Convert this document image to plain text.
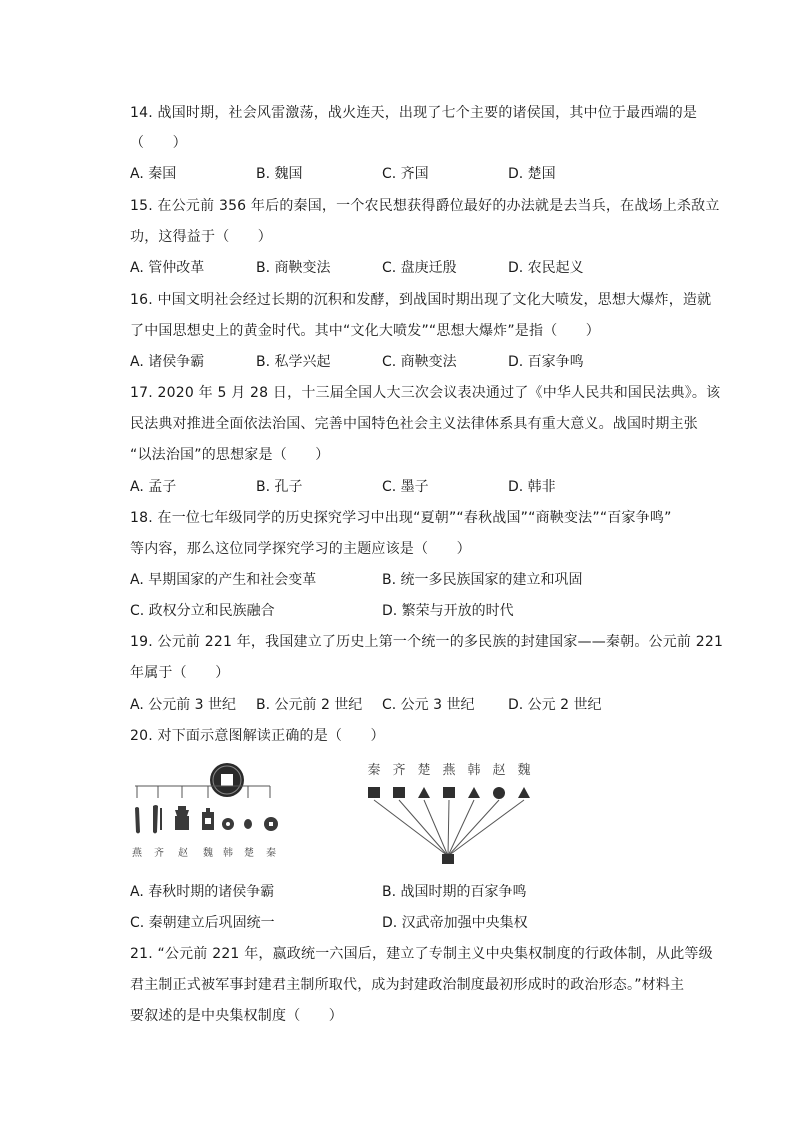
14. 战国时期，社会风雷激荡，战火连天，出现了七个主要的诸侯国，其中位于最西端的是
（　　）
A. 秦国	B. 魏国	C. 齐国	D. 楚国
15. 在公元前 356 年后的秦国，一个农民想获得爵位最好的办法就是去当兵，在战场上杀敌立
功，这得益于（　　）
A. 管仲改革	B. 商鞅变法	C. 盘庚迁殷	D. 农民起义
16. 中国文明社会经过长期的沉积和发酵，到战国时期出现了文化大喷发，思想大爆炸，造就
了中国思想史上的黄金时代。其中“文化大喷发”“思想大爆炸”是指（　　）
A. 诸侯争霸	B. 私学兴起	C. 商鞅变法	D. 百家争鸣
17. 2020 年 5 月 28 日，十三届全国人大三次会议表决通过了《中华人民共和国民法典》。该
民法典对推进全面依法治国、完善中国特色社会主义法律体系具有重大意义。战国时期主张
“以法治国”的思想家是（　　）
A. 孟子	B. 孔子	C. 墨子	D. 韩非
18. 在一位七年级同学的历史探究学习中出现“夏朝”“春秋战国”“商鞅变法”“百家争鸣”
等内容，那么这位同学探究学习的主题应该是（　　）
A. 早期国家的产生和社会变革	B. 统一多民族国家的建立和巩固
C. 政权分立和民族融合	D. 繁荣与开放的时代
19. 公元前 221 年，我国建立了历史上第一个统一的多民族的封建国家——秦朝。公元前 221
年属于（　　）
A. 公元前 3 世纪 B. 公元前 2 世纪 C. 公元 3 世纪 D. 公元 2 世纪
20. 对下面示意图解读正确的是（　　）
燕 齐 赵 魏 韩 楚 秦
秦 齐 楚 燕 韩 赵 魏
A. 春秋时期的诸侯争霸	B. 战国时期的百家争鸣
C. 秦朝建立后巩固统一	D. 汉武帝加强中央集权
21. “公元前 221 年，嬴政统一六国后，建立了专制主义中央集权制度的行政体制，从此等级
君主制正式被军事封建君主制所取代，成为封建政治制度最初形成时的政治形态。”材料主
要叙述的是中央集权制度（　　）
